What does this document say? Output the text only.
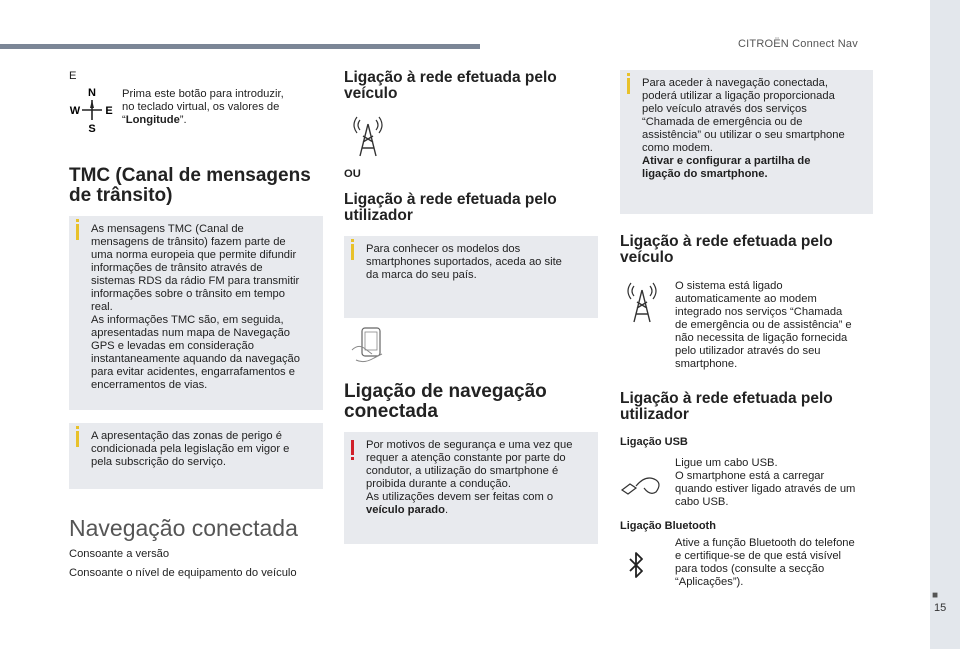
CITROËN Connect Nav
■
15
E
N
W E
S
Prima este botão para introduzir,
no teclado virtual, os valores de
“Longitude”.
TMC (Canal de mensagens
de trânsito)
As mensagens TMC (Canal de
mensagens de trânsito) fazem parte de
uma norma europeia que permite difundir
informações de trânsito através de
sistemas RDS da rádio FM para transmitir
informações sobre o trânsito em tempo
real.
As informações TMC são, em seguida,
apresentadas num mapa de Navegação
GPS e levadas em consideração
instantaneamente aquando da navegação
para evitar acidentes, engarrafamentos e
encerramentos de vias.
A apresentação das zonas de perigo é
condicionada pela legislação em vigor e
pela subscrição do serviço.
Navegação conectada
Consoante a versão
Consoante o nível de equipamento do veículo
Ligação à rede efetuada pelo
veículo
OU
Ligação à rede efetuada pelo
utilizador
Para conhecer os modelos dos
smartphones suportados, aceda ao site
da marca do seu país.
Ligação de navegação
conectada
Por motivos de segurança e uma vez que
requer a atenção constante por parte do
condutor, a utilização do smartphone é
proibida durante a condução.
As utilizações devem ser feitas com o
veículo parado.
Para aceder à navegação conectada,
poderá utilizar a ligação proporcionada
pelo veículo através dos serviços
“Chamada de emergência ou de
assistência” ou utilizar o seu smartphone
como modem.
Ativar e configurar a partilha de
ligação do smartphone.
Ligação à rede efetuada pelo
veículo
O sistema está ligado
automaticamente ao modem
integrado nos serviços “Chamada
de emergência ou de assistência” e
não necessita de ligação fornecida
pelo utilizador através do seu
smartphone.
Ligação à rede efetuada pelo
utilizador
Ligação USB
Ligue um cabo USB.
O smartphone está a carregar
quando estiver ligado através de um
cabo USB.
Ligação Bluetooth
Ative a função Bluetooth do telefone
e certifique-se de que está visível
para todos (consulte a secção
“Aplicações”).
